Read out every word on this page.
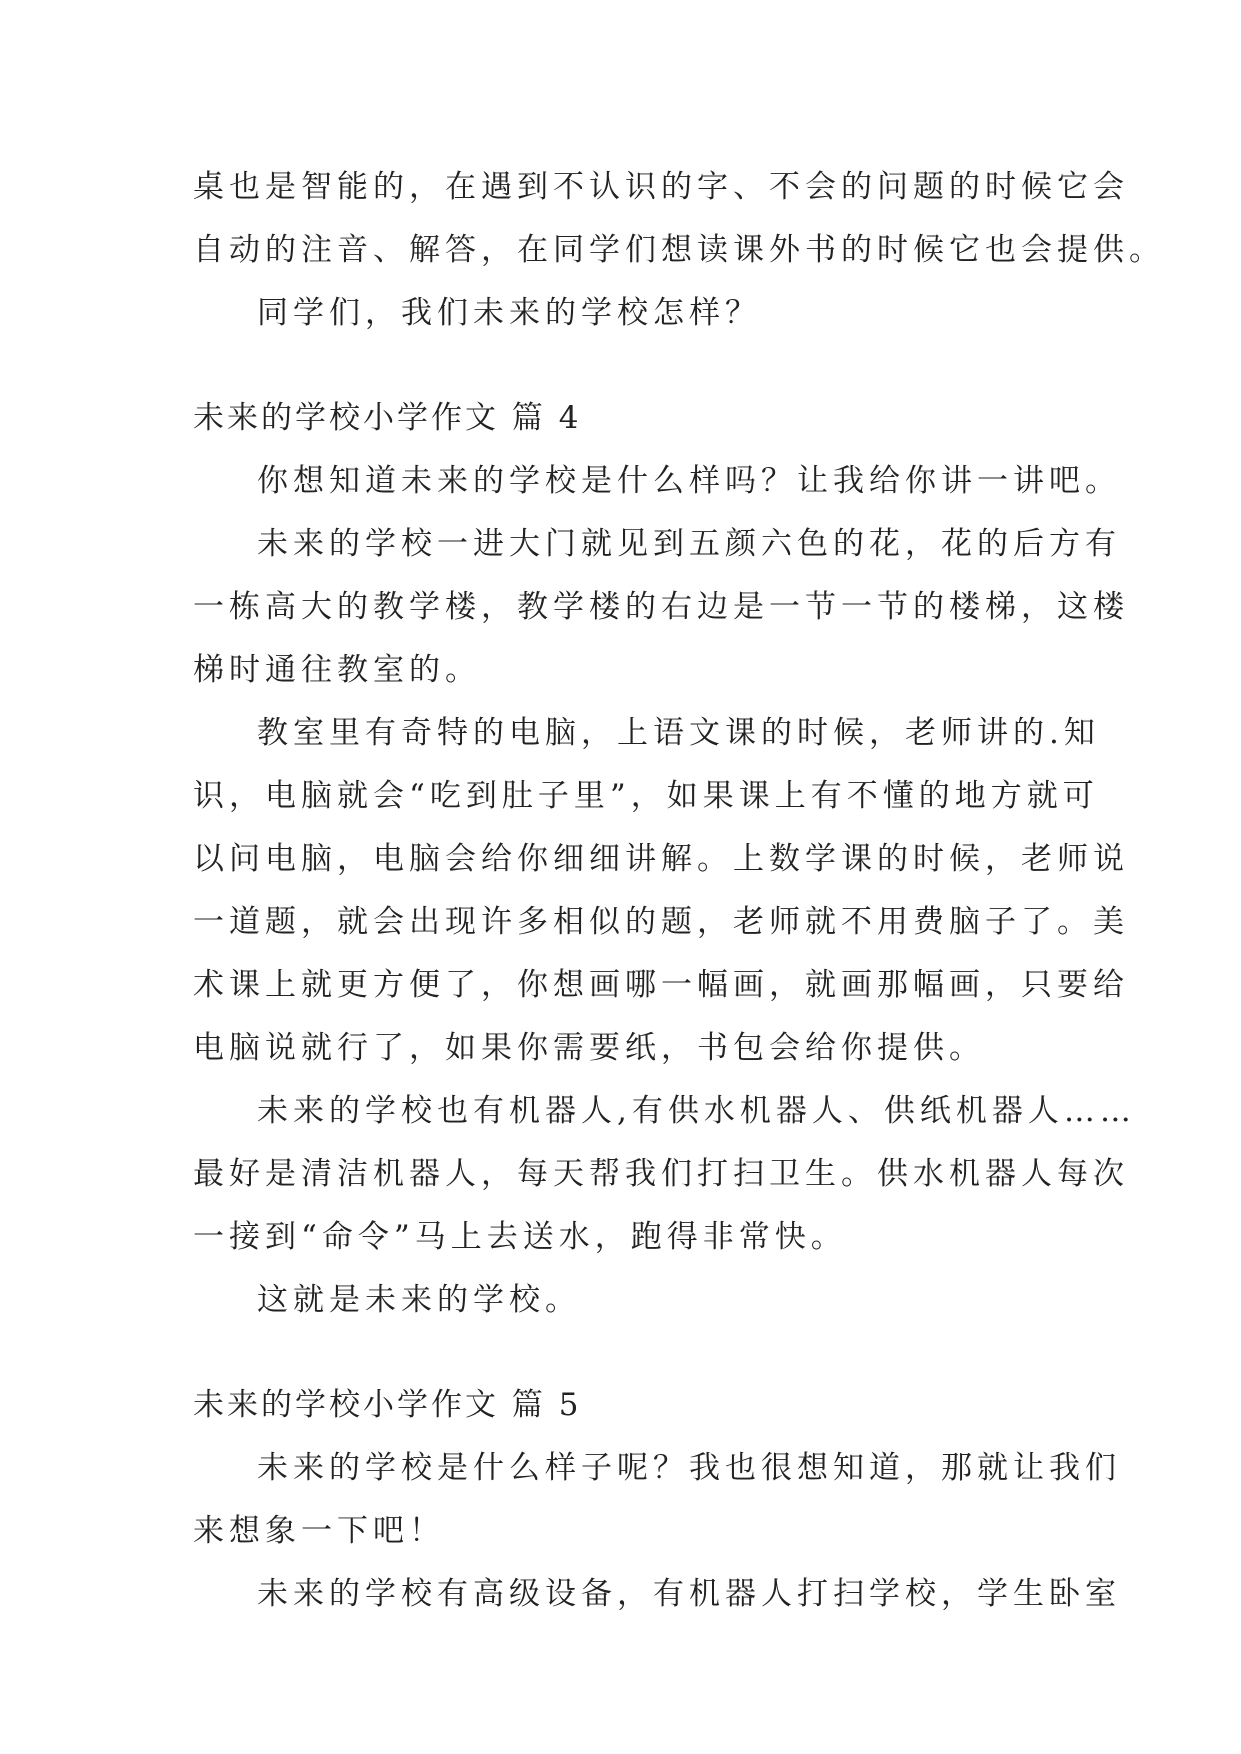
桌也是智能的，在遇到不认识的字、不会的问题的时候它会
自动的注音、解答，在同学们想读课外书的时候它也会提供。
同学们，我们未来的学校怎样？
未来的学校小学作文 篇 4
你想知道未来的学校是什么样吗？让我给你讲一讲吧。
未来的学校一进大门就见到五颜六色的花，花的后方有
一栋高大的教学楼，教学楼的右边是一节一节的楼梯，这楼
梯时通往教室的。
教室里有奇特的电脑，上语文课的时候，老师讲的.知
识，电脑就会“吃到肚子里”，如果课上有不懂的地方就可
以问电脑，电脑会给你细细讲解。上数学课的时候，老师说
一道题，就会出现许多相似的题，老师就不用费脑子了。美
术课上就更方便了，你想画哪一幅画，就画那幅画，只要给
电脑说就行了，如果你需要纸，书包会给你提供。
未来的学校也有机器人,有供水机器人、供纸机器人……
最好是清洁机器人，每天帮我们打扫卫生。供水机器人每次
一接到“命令”马上去送水，跑得非常快。
这就是未来的学校。
未来的学校小学作文 篇 5
未来的学校是什么样子呢？我也很想知道，那就让我们
来想象一下吧！
未来的学校有高级设备，有机器人打扫学校，学生卧室
